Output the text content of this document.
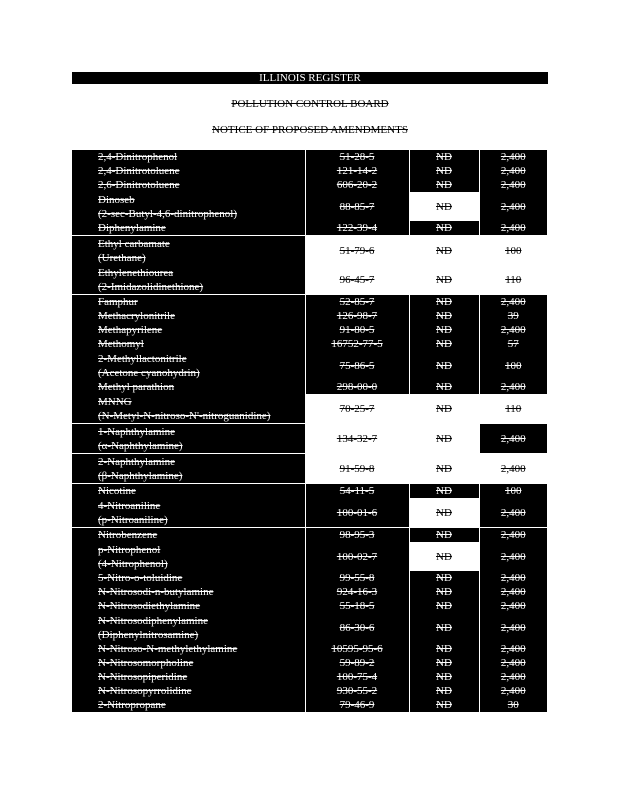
ILLINOIS REGISTER
POLLUTION CONTROL BOARD
NOTICE OF PROPOSED AMENDMENTS
2,4-Dinitrophenol	51-28-5	ND	2,400

2,4-Dinitrotoluene	121-14-2	ND	2,400

2,6-Dinitrotoluene	606-20-2	ND	2,400

Dinoseb
(2-sec-Butyl-4,6-dinitrophenol)	88-85-7	ND	2,400

Diphenylamine	122-39-4	ND	2,400

Ethyl carbamate
(Urethane)	51-79-6	ND	100

Ethylenethiourea
(2-Imidazolidinethione)	96-45-7	ND	110

Famphur	52-85-7	ND	2,400

Methacrylonitrile	126-98-7	ND	39

Methapyrilene	91-80-5	ND	2,400

Methomyl	16752-77-5	ND	57

2-Methyllactonitrile
(Acetone cyanohydrin)	75-86-5	ND	100

Methyl parathion	298-00-0	ND	2,400

MNNG
(N-Metyl-N-nitroso-N'-nitroguanidine)	70-25-7	ND	110

1-Naphthylamine
(α-Naphthylamine)	134-32-7	ND	2,400

2-Naphthylamine
(β-Naphthylamine)	91-59-8	ND	2,400

Nicotine	54-11-5	ND	100

4-Nitroaniline
(p-Nitroaniline)	100-01-6	ND	2,400

Nitrobenzene	98-95-3	ND	2,400

p-Nitrophenol
(4-Nitrophenol)	100-02-7	ND	2,400

5-Nitro-o-toluidine	99-55-8	ND	2,400

N-Nitrosodi-n-butylamine	924-16-3	ND	2,400

N-Nitrosodiethylamine	55-18-5	ND	2,400

N-Nitrosodiphenylamine
(Diphenylnitrosamine)	86-30-6	ND	2,400

N-Nitroso-N-methylethylamine	10595-95-6	ND	2,400

N-Nitrosomorpholine	59-89-2	ND	2,400

N-Nitrosopiperidine	100-75-4	ND	2,400

N-Nitrosopyrrolidine	930-55-2	ND	2,400

2-Nitropropane	79-46-9	ND	30
